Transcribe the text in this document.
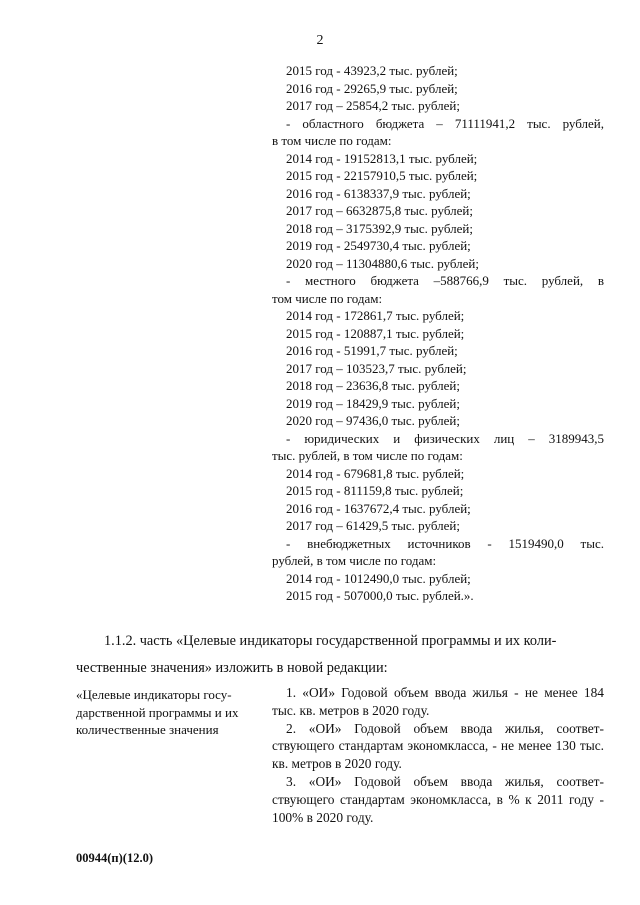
2
2015 год - 43923,2 тыс. рублей;
2016 год - 29265,9 тыс. рублей;
2017 год – 25854,2 тыс. рублей;
- областного бюджета – 71111941,2 тыс. рублей,
в том числе по годам:
2014 год - 19152813,1 тыс. рублей;
2015 год - 22157910,5 тыс. рублей;
2016 год - 6138337,9 тыс. рублей;
2017 год – 6632875,8 тыс. рублей;
2018 год – 3175392,9 тыс. рублей;
2019 год - 2549730,4 тыс. рублей;
2020 год – 11304880,6 тыс. рублей;
- местного бюджета –588766,9 тыс. рублей, в
том числе по годам:
2014 год - 172861,7 тыс. рублей;
2015 год - 120887,1 тыс. рублей;
2016 год - 51991,7 тыс. рублей;
2017 год – 103523,7 тыс. рублей;
2018 год – 23636,8 тыс. рублей;
2019 год – 18429,9 тыс. рублей;
2020 год – 97436,0 тыс. рублей;
- юридических и физических лиц – 3189943,5
тыс. рублей, в том числе по годам:
2014 год - 679681,8 тыс. рублей;
2015 год - 811159,8 тыс. рублей;
2016 год - 1637672,4 тыс. рублей;
2017 год – 61429,5 тыс. рублей;
- внебюджетных источников - 1519490,0 тыс.
рублей, в том числе по годам:
2014 год - 1012490,0 тыс. рублей;
2015 год - 507000,0 тыс. рублей.».
1.1.2. часть «Целевые индикаторы государственной программы и их коли-
чественные значения» изложить в новой редакции:
«Целевые индикаторы госу-
дарственной программы и их
количественные значения

1. «ОИ» Годовой объем ввода жилья - не менее 184 тыс. кв. метров в 2020 году.

2. «ОИ» Годовой объем ввода жилья, соответ-ствующего стандартам экономкласса, - не менее 130 тыс. кв. метров в 2020 году.

3. «ОИ» Годовой объем ввода жилья, соответ-ствующего стандартам экономкласса, в % к 2011 году - 100% в 2020 году.

00944(п)(12.0)
